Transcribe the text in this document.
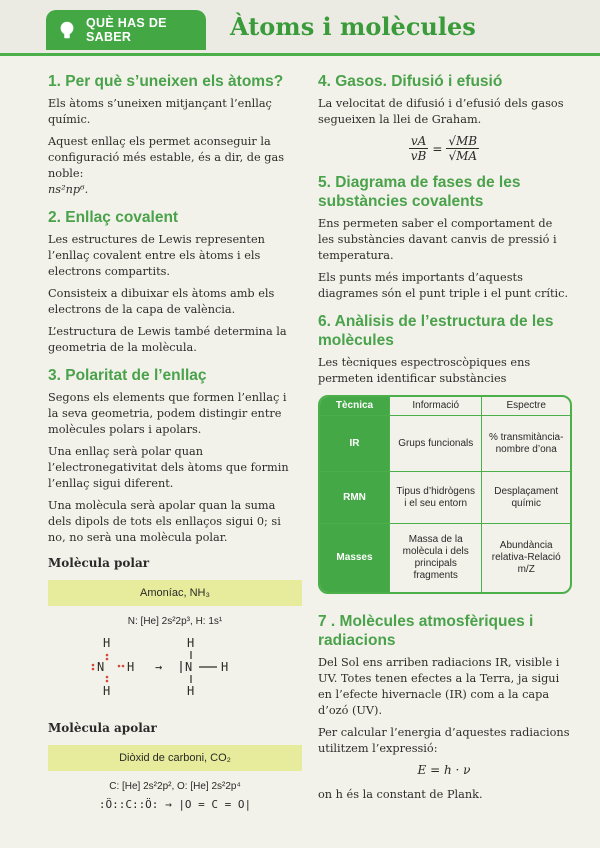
QUÈ HAS DE
SABER	Àtoms i molècules
1. Per què s’uneixen els àtoms?

Els àtoms s’uneixen mitjançant l’enllaç químic.

Aquest enllaç els permet aconseguir la configuració més estable, és a dir, de gas noble:
ns²np⁶.

2. Enllaç covalent

Les estructures de Lewis representen l’enllaç covalent entre els àtoms i els electrons compartits.

Consisteix a dibuixar els àtoms amb els electrons de la capa de valència.

L’estructura de Lewis també determina la geometria de la molècula.

3. Polaritat de l’enllaç

Segons els elements que formen l’enllaç i la seva geometria, podem distingir entre molècules polars i apolars.

Una enllaç serà polar quan l’electronegativitat dels àtoms que formin l’enllaç sigui diferent.

Una molècula serà apolar quan la suma dels dipols de tots els enllaços sigui 0; si no, no serà una molècula polar.

Molècula polar
Amoníac, NH₃
N: [He] 2s²2p³, H: 1s¹
H
N H
H
→ N
H
H
H
Molècula apolar
Diòxid de carboni, CO₂
C: [He] 2s²2p², O: [He] 2s²2p⁴
:Ö::C::Ö: → |O = C = O|
4. Gasos. Difusió i efusió

La velocitat de difusió i d’efusió dels gasos segueixen la llei de Graham.

$\frac{vA}{vB} = \frac{√MB}{√MA}$
5. Diagrama de fases de les substàncies covalents

Ens permeten saber el comportament de les substàncies davant canvis de pressió i temperatura.

Els punts més importants d’aquests diagrames són el punt triple i el punt crític.

6. Anàlisis de l’estructura de les molècules

Les tècniques espectroscòpiques ens permeten identificar substàncies

Tècnica	Informació	Espectre
IR	Grups funcionals	% transmitància-nombre d’ona
RMN	Tipus d’hidrògens i el seu entorn	Desplaçament químic
Masses	Massa de la molècula i dels principals fragments	Abundància relativa-Relació m/Z
7 . Molècules atmosfèriques i radiacions

Del Sol ens arriben radiacions IR, visible i UV. Totes tenen efectes a la Terra, ja sigui en l’efecte hivernacle (IR) com a la capa d’ozó (UV).

Per calcular l’energia d’aquestes radiacions utilitzem l’expressió:

E = h · ν

on h és la constant de Plank.
